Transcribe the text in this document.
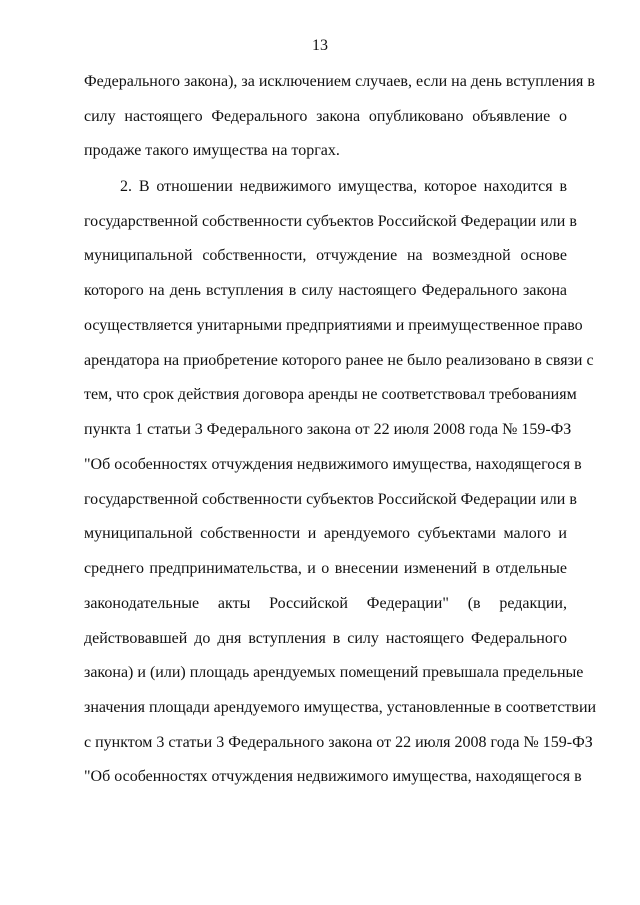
13
Федерального закона), за исключением случаев, если на день вступления в
силу настоящего Федерального закона опубликовано объявление о
продаже такого имущества на торгах.
2. В отношении недвижимого имущества, которое находится в
государственной собственности субъектов Российской Федерации или в
муниципальной собственности, отчуждение на возмездной основе
которого на день вступления в силу настоящего Федерального закона
осуществляется унитарными предприятиями и преимущественное право
арендатора на приобретение которого ранее не было реализовано в связи с
тем, что срок действия договора аренды не соответствовал требованиям
пункта 1 статьи 3 Федерального закона от 22 июля 2008 года № 159-ФЗ
"Об особенностях отчуждения недвижимого имущества, находящегося в
государственной собственности субъектов Российской Федерации или в
муниципальной собственности и арендуемого субъектами малого и
среднего предпринимательства, и о внесении изменений в отдельные
законодательные акты Российской Федерации" (в редакции,
действовавшей до дня вступления в силу настоящего Федерального
закона) и (или) площадь арендуемых помещений превышала предельные
значения площади арендуемого имущества, установленные в соответствии
с пунктом 3 статьи 3 Федерального закона от 22 июля 2008 года № 159-ФЗ
"Об особенностях отчуждения недвижимого имущества, находящегося в
